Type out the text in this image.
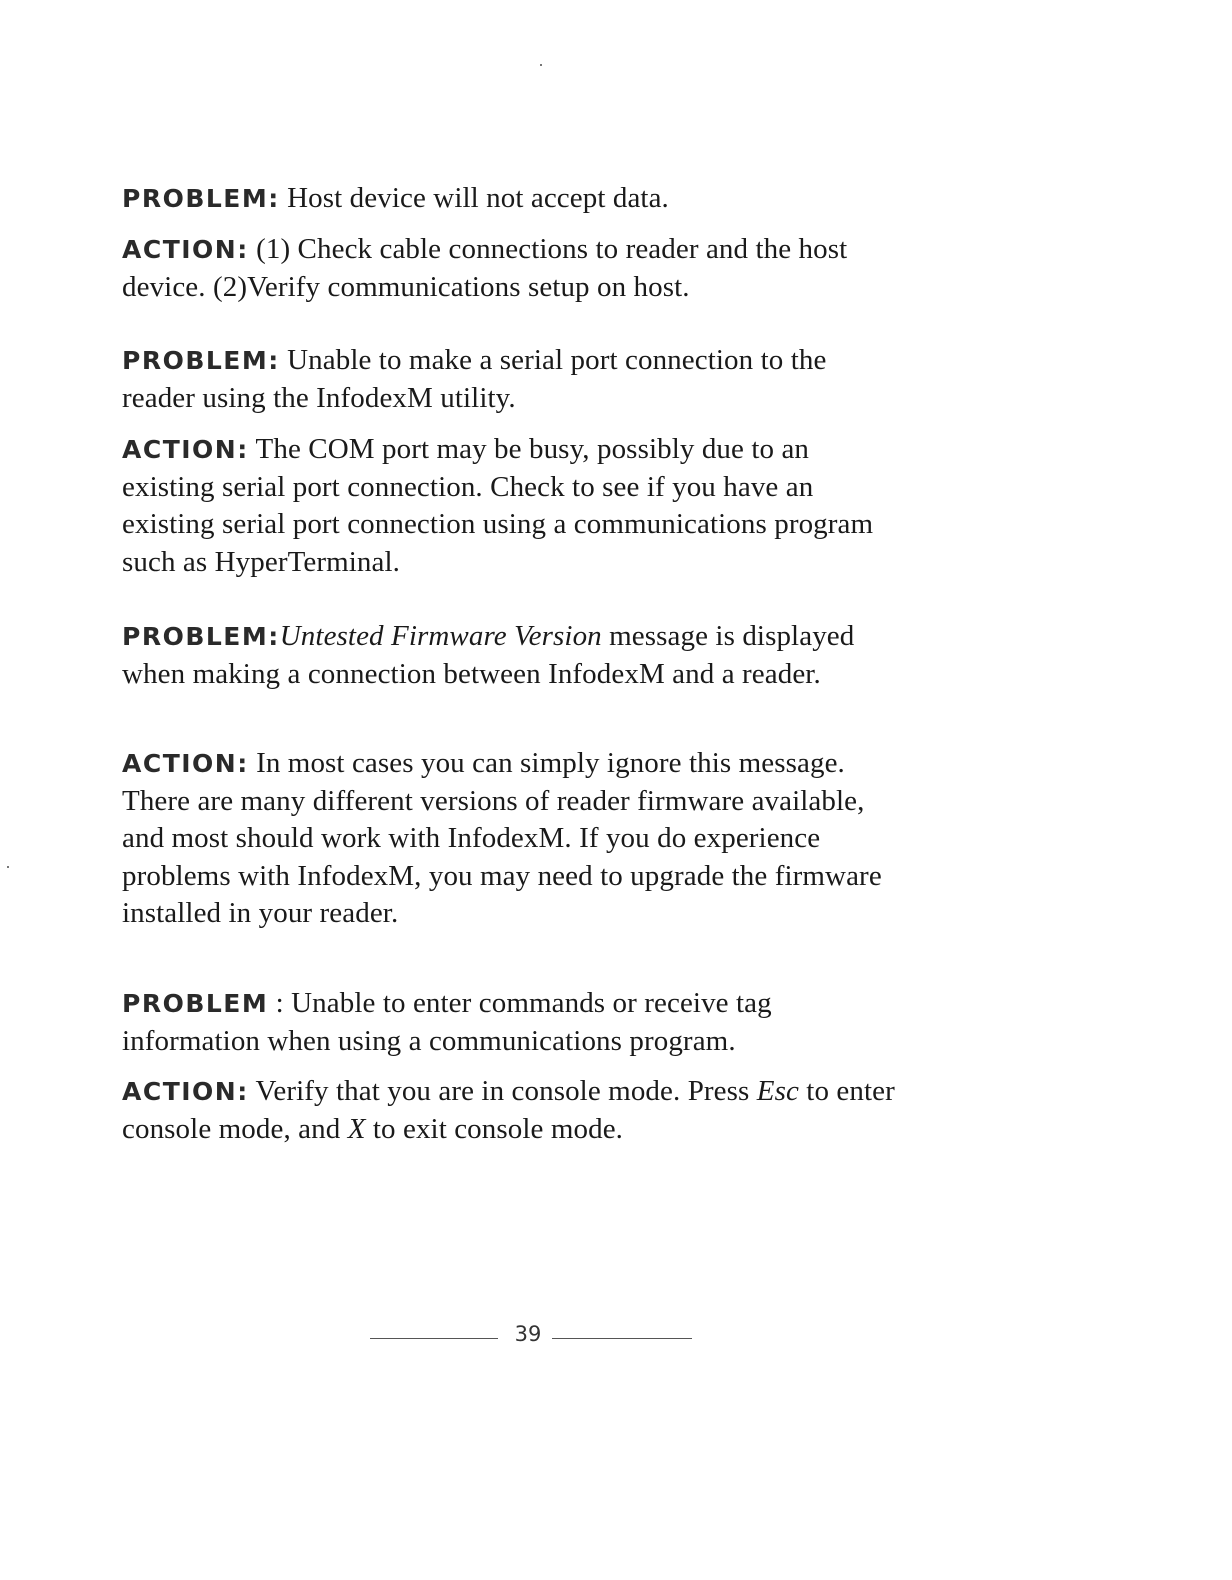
PROBLEM: Host device will not accept data.

ACTION: (1) Check cable connections to reader and the host device. (2)Verify communications setup on host.

PROBLEM: Unable to make a serial port connection to the reader using the InfodexM utility.

ACTION: The COM port may be busy, possibly due to an existing serial port connection. Check to see if you have an existing serial port connection using a communications program such as HyperTerminal.

PROBLEM:Untested Firmware Version message is displayed when making a connection between InfodexM and a reader.

ACTION: In most cases you can simply ignore this message. There are many different versions of reader firmware available, and most should work with InfodexM. If you do experience problems with InfodexM, you may need to upgrade the firmware installed in your reader.

PROBLEM : Unable to enter commands or receive tag information when using a communications program.

ACTION: Verify that you are in console mode. Press Esc to enter console mode, and X to exit console mode.

39
